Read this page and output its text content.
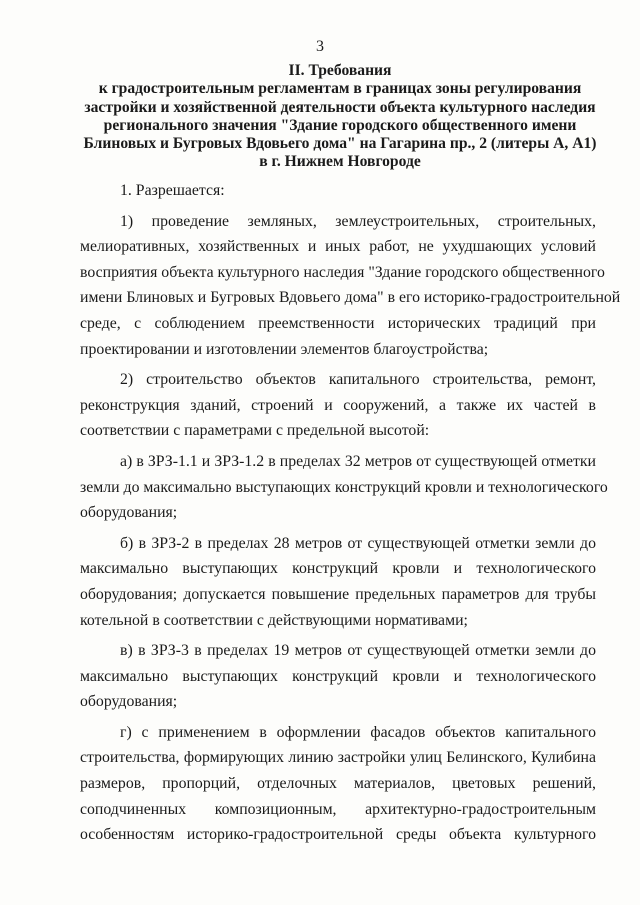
3
II. Требования
к градостроительным регламентам в границах зоны регулирования
застройки и хозяйственной деятельности объекта культурного наследия
регионального значения "Здание городского общественного имени
Блиновых и Бугровых Вдовьего дома" на Гагарина пр., 2 (литеры А, А1)
в г. Нижнем Новгороде
1. Разрешается:
1) проведение земляных, землеустроительных, строительных,
мелиоративных, хозяйственных и иных работ, не ухудшающих условий
восприятия объекта культурного наследия "Здание городского общественного
имени Блиновых и Бугровых Вдовьего дома" в его историко-градостроительной
среде, с соблюдением преемственности исторических традиций при
проектировании и изготовлении элементов благоустройства;
2) строительство объектов капитального строительства, ремонт,
реконструкция зданий, строений и сооружений, а также их частей в
соответствии с параметрами с предельной высотой:
а) в ЗРЗ-1.1 и ЗРЗ-1.2 в пределах 32 метров от существующей отметки
земли до максимально выступающих конструкций кровли и технологического
оборудования;
б) в ЗРЗ-2 в пределах 28 метров от существующей отметки земли до
максимально выступающих конструкций кровли и технологического
оборудования; допускается повышение предельных параметров для трубы
котельной в соответствии с действующими нормативами;
в) в ЗРЗ-3 в пределах 19 метров от существующей отметки земли до
максимально выступающих конструкций кровли и технологического
оборудования;
г) с применением в оформлении фасадов объектов капитального
строительства, формирующих линию застройки улиц Белинского, Кулибина
размеров, пропорций, отделочных материалов, цветовых решений,
соподчиненных композиционным, архитектурно-градостроительным
особенностям историко-градостроительной среды объекта культурного
